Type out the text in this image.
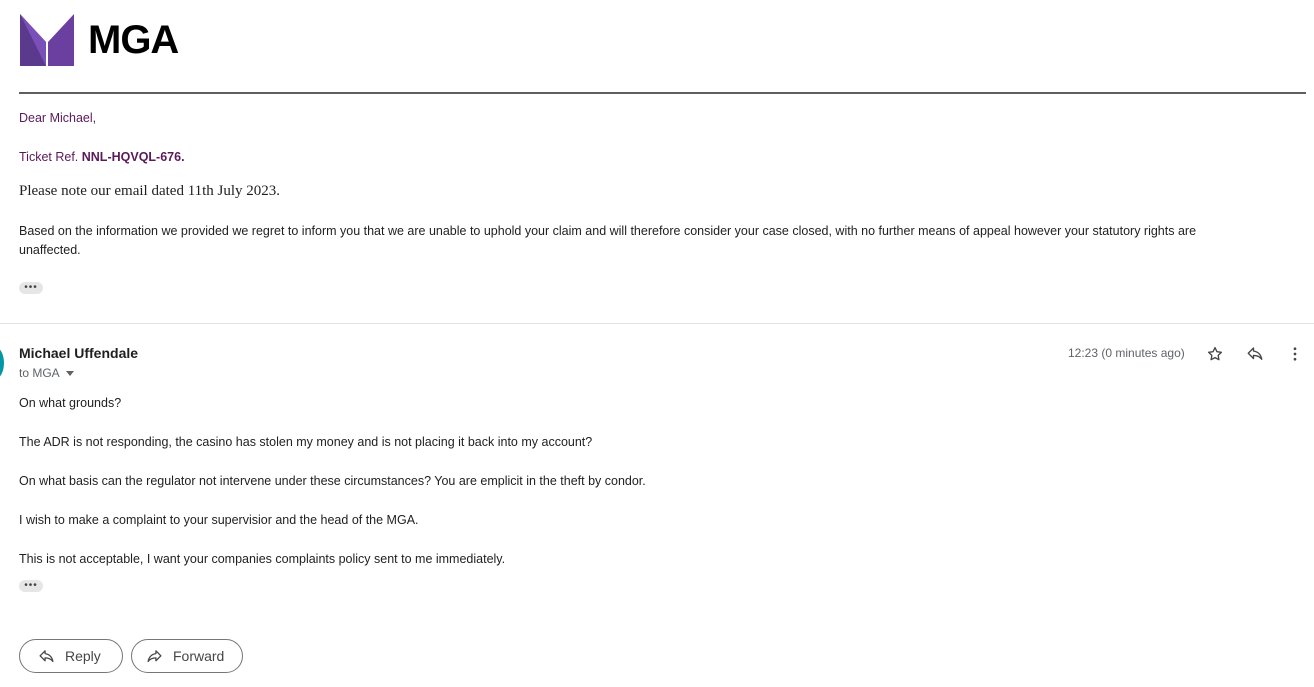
MGA
Dear Michael,
Ticket Ref. NNL-HQVQL-676.
Please note our email dated 11th July 2023.
Based on the information we provided we regret to inform you that we are unable to uphold your claim and will therefore consider your case closed, with no further means of appeal however your statutory rights are
unaffected.
•••
Michael Uffendale
to MGA
12:23 (0 minutes ago)
On what grounds?
The ADR is not responding, the casino has stolen my money and is not placing it back into my account?
On what basis can the regulator not intervene under these circumstances? You are emplicit in the theft by condor.
I wish to make a complaint to your supervisior and the head of the MGA.
This is not acceptable, I want your companies complaints policy sent to me immediately.
•••
Reply	Forward
